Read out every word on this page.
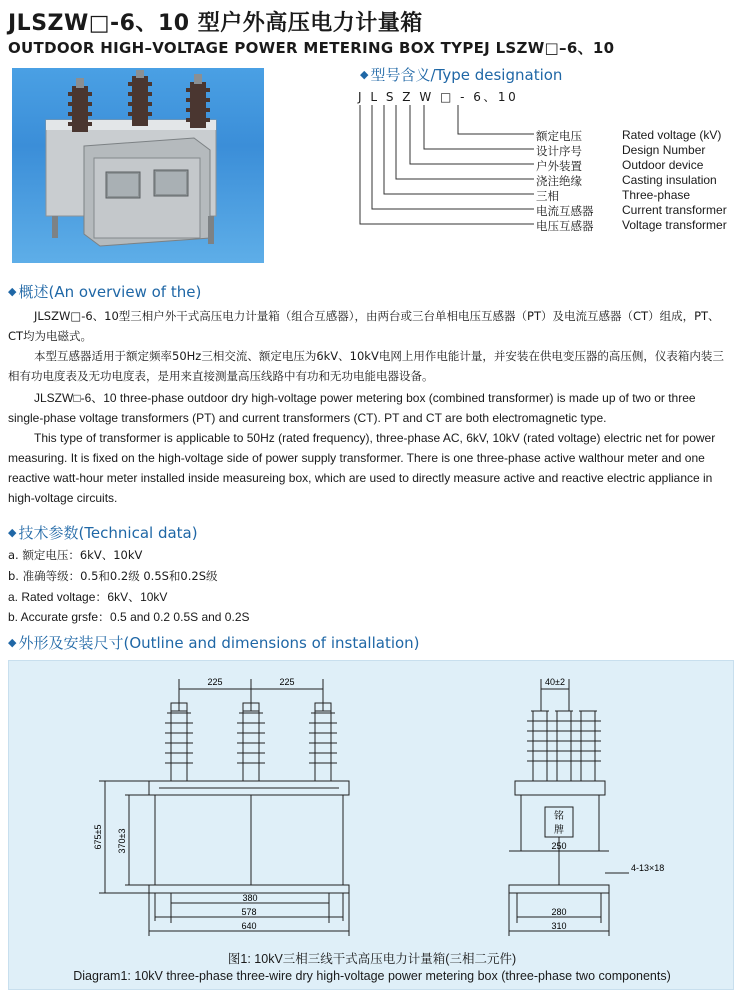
JLSZW□-6、10 型户外高压电力计量箱
OUTDOOR HIGH–VOLTAGE POWER METERING BOX TYPEJ LSZW□–6、10
◆ 型号含义/Type designation
J L S Z W □ - 6、10
额定电压	Rated voltage (kV)
设计序号	Design Number
户外装置	Outdoor device
浇注绝缘	Casting insulation
三相	Three-phase
电流互感器 Current transformer
电压互感器 Voltage transformer
◆ 概述(An overview of the)

JLSZW□-6、10型三相户外干式高压电力计量箱（组合互感器），由两台或三台单相电压互感器（PT）及电流互感器（CT）组成，PT、CT均为电磁式。

本型互感器适用于额定频率50Hz三相交流、额定电压为6kV、10kV电网上用作电能计量，并安装在供电变压器的高压侧，仪表箱内装三相有功电度表及无功电度表，是用来直接测量高压线路中有功和无功电能电器设备。

JLSZW□-6、10 three-phase outdoor dry high-voltage power metering box (combined transformer) is made up of two or three single-phase voltage transformers (PT) and current transformers (CT). PT and CT are both electromagnetic type.

This type of transformer is applicable to 50Hz (rated frequency), three-phase AC, 6kV, 10kV (rated voltage) electric net for power measuring. It is fixed on the high-voltage side of power supply transformer. There is one three-phase active walthour meter and one reactive watt-hour meter installed inside measureing box, which are used to directly measure active and reactive electric appliance in high-voltage circuits.

◆ 技术参数(Technical data)
a. 额定电压：6kV、10kV
b. 准确等级：0.5和0.2级 0.5S和0.2S级
a. Rated voltage：6kV、10kV
b. Accurate grsfe：0.5 and 0.2 0.5S and 0.2S
◆ 外形及安装尺寸(Outline and dimensions of installation)
225	225
675±5 370±3
380
578
640
40±2
铭
牌
250
4-13×18
280
310
图1: 10kV三相三线干式高压电力计量箱(三相二元件)
Diagram1: 10kV three-phase three-wire dry high-voltage power metering box (three-phase two components)
